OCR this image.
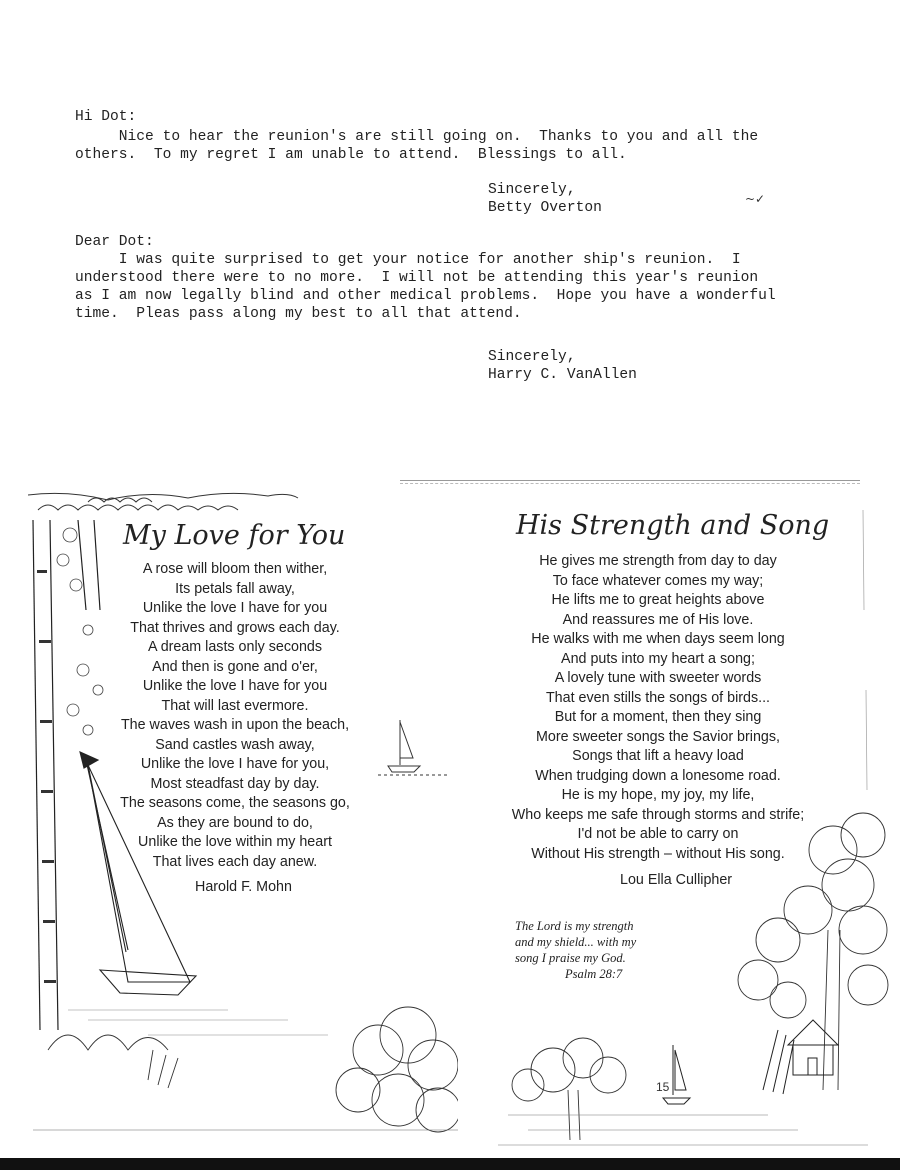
Hi Dot:
Nice to hear the reunion's are still going on.  Thanks to you and all the
others.  To my regret I am unable to attend.  Blessings to all.
Sincerely,
Betty Overton
~✓
Dear Dot:
I was quite surprised to get your notice for another ship's reunion.  I
understood there were to no more.  I will not be attending this year's reunion
as I am now legally blind and other medical problems.  Hope you have a wonderful
time.  Pleas pass along my best to all that attend.
Sincerely,
Harry C. VanAllen
My Love for You
A rose will bloom then wither,
Its petals fall away,
Unlike the love I have for you
That thrives and grows each day.
A dream lasts only seconds
And then is gone and o'er,
Unlike the love I have for you
That will last evermore.
The waves wash in upon the beach,
Sand castles wash away,
Unlike the love I have for you,
Most steadfast day by day.
The seasons come, the seasons go,
As they are bound to do,
Unlike the love within my heart
That lives each day anew.
Harold F. Mohn
His Strength and Song
He gives me strength from day to day
To face whatever comes my way;
He lifts me to great heights above
And reassures me of His love.
He walks with me when days seem long
And puts into my heart a song;
A lovely tune with sweeter words
That even stills the songs of birds...
But for a moment, then they sing
More sweeter songs the Savior brings,
Songs that lift a heavy load
When trudging down a lonesome road.
He is my hope, my joy, my life,
Who keeps me safe through storms and strife;
I'd not be able to carry on
Without His strength – without His song.
Lou Ella Cullipher
The Lord is my strength
and my shield... with my
song I praise my God.
Psalm 28:7
15
